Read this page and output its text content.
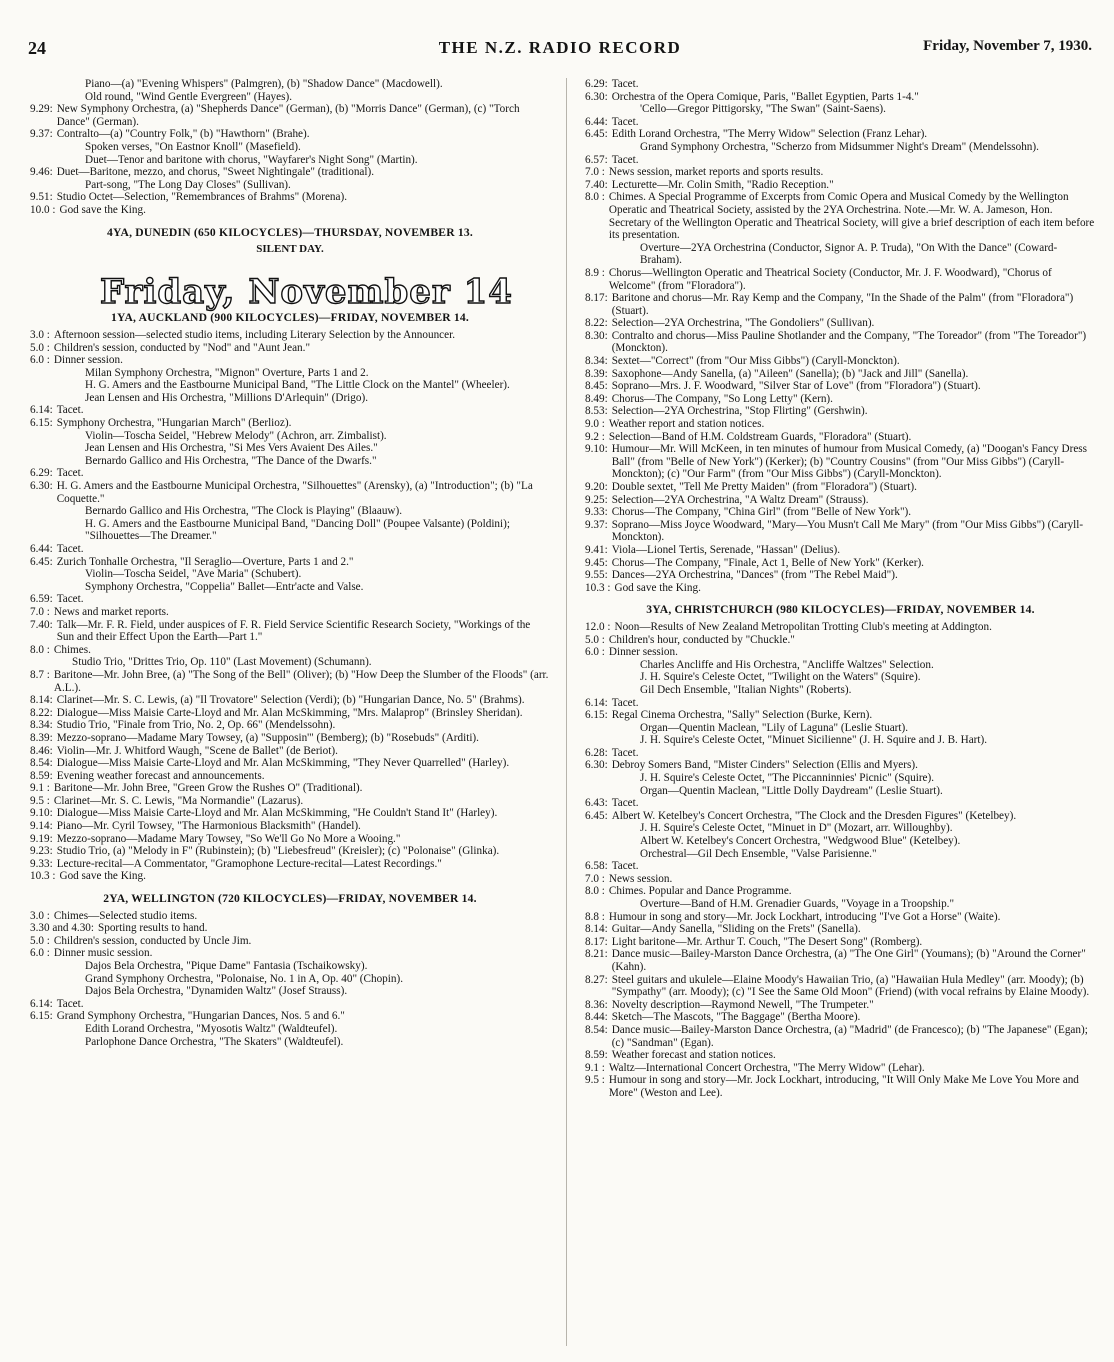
24	THE N.Z. RADIO RECORD	Friday, November 7, 1930.
Piano—(a) "Evening Whispers" (Palmgren), (b) "Shadow Dance" (Macdowell).
Old round, "Wind Gentle Evergreen" (Hayes).
9.29: New Symphony Orchestra, (a) "Shepherds Dance" (German), (b) "Morris Dance" (German), (c) "Torch Dance" (German).
9.37: Contralto—(a) "Country Folk," (b) "Hawthorn" (Brahe).
Spoken verses, "On Eastnor Knoll" (Masefield).
Duet—Tenor and baritone with chorus, "Wayfarer's Night Song" (Martin).
9.46: Duet—Baritone, mezzo, and chorus, "Sweet Nightingale" (traditional).
Part-song, "The Long Day Closes" (Sullivan).
9.51: Studio Octet—Selection, "Remembrances of Brahms" (Morena).
10.0 : God save the King.
4YA, DUNEDIN (650 KILOCYCLES)—THURSDAY, NOVEMBER 13.
SILENT DAY.
Friday, November 14
1YA, AUCKLAND (900 KILOCYCLES)—FRIDAY, NOVEMBER 14.
3.0 : Afternoon session—selected studio items, including Literary Selection by the Announcer.
5.0 : Children's session, conducted by "Nod" and "Aunt Jean."
6.0 : Dinner session.
Milan Symphony Orchestra, "Mignon" Overture, Parts 1 and 2.
H. G. Amers and the Eastbourne Municipal Band, "The Little Clock on the Mantel" (Wheeler).
Jean Lensen and His Orchestra, "Millions D'Arlequin" (Drigo).
6.14: Tacet.
6.15: Symphony Orchestra, "Hungarian March" (Berlioz).
Violin—Toscha Seidel, "Hebrew Melody" (Achron, arr. Zimbalist).
Jean Lensen and His Orchestra, "Si Mes Vers Avaient Des Ailes."
Bernardo Gallico and His Orchestra, "The Dance of the Dwarfs."
6.29: Tacet.
6.30: H. G. Amers and the Eastbourne Municipal Orchestra, "Silhouettes" (Arensky), (a) "Introduction"; (b) "La Coquette."
Bernardo Gallico and His Orchestra, "The Clock is Playing" (Blaauw).
H. G. Amers and the Eastbourne Municipal Band, "Dancing Doll" (Poupee Valsante) (Poldini); "Silhouettes—The Dreamer."
6.44: Tacet.
6.45: Zurich Tonhalle Orchestra, "Il Seraglio—Overture, Parts 1 and 2."
Violin—Toscha Seidel, "Ave Maria" (Schubert).
Symphony Orchestra, "Coppelia" Ballet—Entr'acte and Valse.
6.59: Tacet.
7.0 : News and market reports.
7.40: Talk—Mr. F. R. Field, under auspices of F. R. Field Service Scientific Research Society, "Workings of the Sun and their Effect Upon the Earth—Part 1."
8.0 : Chimes.
Studio Trio, "Drittes Trio, Op. 110" (Last Movement) (Schumann).
8.7 : Baritone—Mr. John Bree, (a) "The Song of the Bell" (Oliver); (b) "How Deep the Slumber of the Floods" (arr. A.L.).
8.14: Clarinet—Mr. S. C. Lewis, (a) "Il Trovatore" Selection (Verdi); (b) "Hungarian Dance, No. 5" (Brahms).
8.22: Dialogue—Miss Maisie Carte-Lloyd and Mr. Alan McSkimming, "Mrs. Malaprop" (Brinsley Sheridan).
8.34: Studio Trio, "Finale from Trio, No. 2, Op. 66" (Mendelssohn).
8.39: Mezzo-soprano—Madame Mary Towsey, (a) "Supposin'" (Bemberg); (b) "Rosebuds" (Arditi).
8.46: Violin—Mr. J. Whitford Waugh, "Scene de Ballet" (de Beriot).
8.54: Dialogue—Miss Maisie Carte-Lloyd and Mr. Alan McSkimming, "They Never Quarrelled" (Harley).
8.59: Evening weather forecast and announcements.
9.1 : Baritone—Mr. John Bree, "Green Grow the Rushes O" (Traditional).
9.5 : Clarinet—Mr. S. C. Lewis, "Ma Normandie" (Lazarus).
9.10: Dialogue—Miss Maisie Carte-Lloyd and Mr. Alan McSkimming, "He Couldn't Stand It" (Harley).
9.14: Piano—Mr. Cyril Towsey, "The Harmonious Blacksmith" (Handel).
9.19: Mezzo-soprano—Madame Mary Towsey, "So We'll Go No More a Wooing."
9.23: Studio Trio, (a) "Melody in F" (Rubinstein); (b) "Liebesfreud" (Kreisler); (c) "Polonaise" (Glinka).
9.33: Lecture-recital—A Commentator, "Gramophone Lecture-recital—Latest Recordings."
10.3 : God save the King.
2YA, WELLINGTON (720 KILOCYCLES)—FRIDAY, NOVEMBER 14.
3.0 : Chimes—Selected studio items.
3.30 and 4.30: Sporting results to hand.
5.0 : Children's session, conducted by Uncle Jim.
6.0 : Dinner music session.
Dajos Bela Orchestra, "Pique Dame" Fantasia (Tschaikowsky).
Grand Symphony Orchestra, "Polonaise, No. 1 in A, Op. 40" (Chopin).
Dajos Bela Orchestra, "Dynamiden Waltz" (Josef Strauss).
6.14: Tacet.
6.15: Grand Symphony Orchestra, "Hungarian Dances, Nos. 5 and 6."
Edith Lorand Orchestra, "Myosotis Waltz" (Waldteufel).
Parlophone Dance Orchestra, "The Skaters" (Waldteufel).
6.29: Tacet.
6.30: Orchestra of the Opera Comique, Paris, "Ballet Egyptien, Parts 1-4."
'Cello—Gregor Pittigorsky, "The Swan" (Saint-Saens).
6.44: Tacet.
6.45: Edith Lorand Orchestra, "The Merry Widow" Selection (Franz Lehar).
Grand Symphony Orchestra, "Scherzo from Midsummer Night's Dream" (Mendelssohn).
6.57: Tacet.
7.0 : News session, market reports and sports results.
7.40: Lecturette—Mr. Colin Smith, "Radio Reception."
8.0 : Chimes. A Special Programme of Excerpts from Comic Opera and Musical Comedy by the Wellington Operatic and Theatrical Society, assisted by the 2YA Orchestrina. Note.—Mr. W. A. Jameson, Hon. Secretary of the Wellington Operatic and Theatrical Society, will give a brief description of each item before its presentation.
Overture—2YA Orchestrina (Conductor, Signor A. P. Truda), "On With the Dance" (Coward-Braham).
8.9 : Chorus—Wellington Operatic and Theatrical Society (Conductor, Mr. J. F. Woodward), "Chorus of Welcome" (from "Floradora").
8.17: Baritone and chorus—Mr. Ray Kemp and the Company, "In the Shade of the Palm" (from "Floradora") (Stuart).
8.22: Selection—2YA Orchestrina, "The Gondoliers" (Sullivan).
8.30: Contralto and chorus—Miss Pauline Shotlander and the Company, "The Toreador" (from "The Toreador") (Monckton).
8.34: Sextet—"Correct" (from "Our Miss Gibbs") (Caryll-Monckton).
8.39: Saxophone—Andy Sanella, (a) "Aileen" (Sanella); (b) "Jack and Jill" (Sanella).
8.45: Soprano—Mrs. J. F. Woodward, "Silver Star of Love" (from "Floradora") (Stuart).
8.49: Chorus—The Company, "So Long Letty" (Kern).
8.53: Selection—2YA Orchestrina, "Stop Flirting" (Gershwin).
9.0 : Weather report and station notices.
9.2 : Selection—Band of H.M. Coldstream Guards, "Floradora" (Stuart).
9.10: Humour—Mr. Will McKeen, in ten minutes of humour from Musical Comedy, (a) "Doogan's Fancy Dress Ball" (from "Belle of New York") (Kerker); (b) "Country Cousins" (from "Our Miss Gibbs") (Caryll-Monckton); (c) "Our Farm" (from "Our Miss Gibbs") (Caryll-Monckton).
9.20: Double sextet, "Tell Me Pretty Maiden" (from "Floradora") (Stuart).
9.25: Selection—2YA Orchestrina, "A Waltz Dream" (Strauss).
9.33: Chorus—The Company, "China Girl" (from "Belle of New York").
9.37: Soprano—Miss Joyce Woodward, "Mary—You Musn't Call Me Mary" (from "Our Miss Gibbs") (Caryll-Monckton).
9.41: Viola—Lionel Tertis, Serenade, "Hassan" (Delius).
9.45: Chorus—The Company, "Finale, Act 1, Belle of New York" (Kerker).
9.55: Dances—2YA Orchestrina, "Dances" (from "The Rebel Maid").
10.3 : God save the King.
3YA, CHRISTCHURCH (980 KILOCYCLES)—FRIDAY, NOVEMBER 14.
12.0 : Noon—Results of New Zealand Metropolitan Trotting Club's meeting at Addington.
5.0 : Children's hour, conducted by "Chuckle."
6.0 : Dinner session.
Charles Ancliffe and His Orchestra, "Ancliffe Waltzes" Selection.
J. H. Squire's Celeste Octet, "Twilight on the Waters" (Squire).
Gil Dech Ensemble, "Italian Nights" (Roberts).
6.14: Tacet.
6.15: Regal Cinema Orchestra, "Sally" Selection (Burke, Kern).
Organ—Quentin Maclean, "Lily of Laguna" (Leslie Stuart).
J. H. Squire's Celeste Octet, "Minuet Sicilienne" (J. H. Squire and J. B. Hart).
6.28: Tacet.
6.30: Debroy Somers Band, "Mister Cinders" Selection (Ellis and Myers).
J. H. Squire's Celeste Octet, "The Piccanninnies' Picnic" (Squire).
Organ—Quentin Maclean, "Little Dolly Daydream" (Leslie Stuart).
6.43: Tacet.
6.45: Albert W. Ketelbey's Concert Orchestra, "The Clock and the Dresden Figures" (Ketelbey).
J. H. Squire's Celeste Octet, "Minuet in D" (Mozart, arr. Willoughby).
Albert W. Ketelbey's Concert Orchestra, "Wedgwood Blue" (Ketelbey).
Orchestral—Gil Dech Ensemble, "Valse Parisienne."
6.58: Tacet.
7.0 : News session.
8.0 : Chimes. Popular and Dance Programme.
Overture—Band of H.M. Grenadier Guards, "Voyage in a Troopship."
8.8 : Humour in song and story—Mr. Jock Lockhart, introducing "I've Got a Horse" (Waite).
8.14: Guitar—Andy Sanella, "Sliding on the Frets" (Sanella).
8.17: Light baritone—Mr. Arthur T. Couch, "The Desert Song" (Romberg).
8.21: Dance music—Bailey-Marston Dance Orchestra, (a) "The One Girl" (Youmans); (b) "Around the Corner" (Kahn).
8.27: Steel guitars and ukulele—Elaine Moody's Hawaiian Trio, (a) "Hawaiian Hula Medley" (arr. Moody); (b) "Sympathy" (arr. Moody); (c) "I See the Same Old Moon" (Friend) (with vocal refrains by Elaine Moody).
8.36: Novelty description—Raymond Newell, "The Trumpeter."
8.44: Sketch—The Mascots, "The Baggage" (Bertha Moore).
8.54: Dance music—Bailey-Marston Dance Orchestra, (a) "Madrid" (de Francesco); (b) "The Japanese" (Egan); (c) "Sandman" (Egan).
8.59: Weather forecast and station notices.
9.1 : Waltz—International Concert Orchestra, "The Merry Widow" (Lehar).
9.5 : Humour in song and story—Mr. Jock Lockhart, introducing, "It Will Only Make Me Love You More and More" (Weston and Lee).
